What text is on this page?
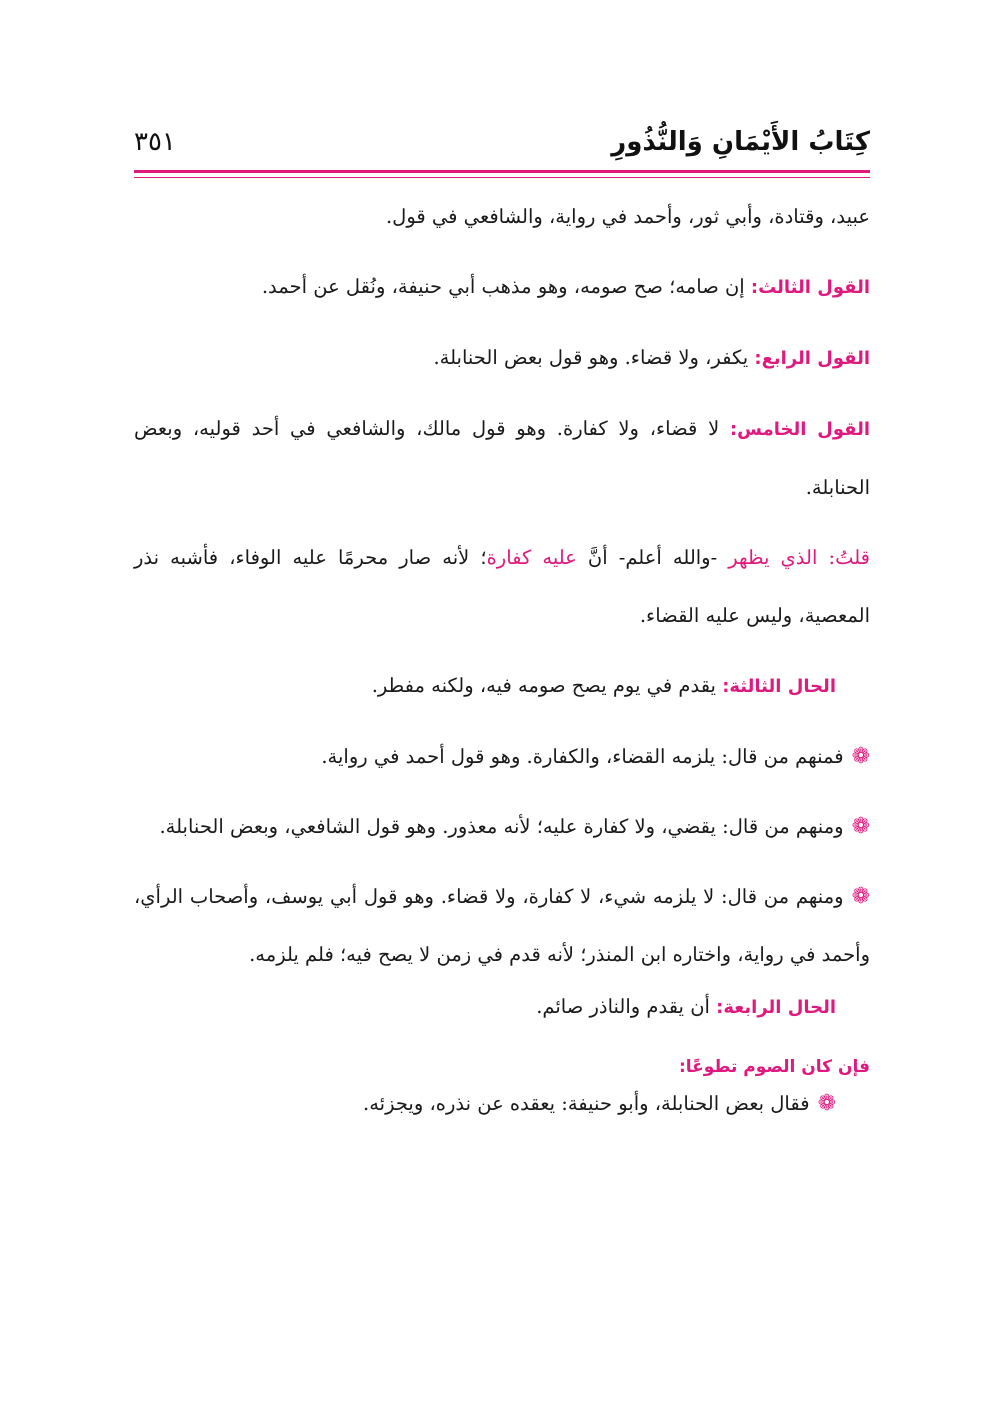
كِتَابُ الأَيْمَانِ وَالنُّذُورِ
٣٥١
عبيد، وقتادة، وأبي ثور، وأحمد في رواية، والشافعي في قول.
القول الثالث: إن صامه؛ صح صومه، وهو مذهب أبي حنيفة، ونُقل عن أحمد.
القول الرابع: يكفر، ولا قضاء. وهو قول بعض الحنابلة.
القول الخامس: لا قضاء، ولا كفارة. وهو قول مالك، والشافعي في أحد قوليه، وبعض الحنابلة.
قلتُ: الذي يظهر -والله أعلم- أنَّ عليه كفارة؛ لأنه صار محرمًا عليه الوفاء، فأشبه نذر المعصية، وليس عليه القضاء.
الحال الثالثة: يقدم في يوم يصح صومه فيه، ولكنه مفطر.
❁فمنهم من قال: يلزمه القضاء، والكفارة. وهو قول أحمد في رواية.
❁ومنهم من قال: يقضي، ولا كفارة عليه؛ لأنه معذور. وهو قول الشافعي، وبعض الحنابلة.
❁ومنهم من قال: لا يلزمه شيء، لا كفارة، ولا قضاء. وهو قول أبي يوسف، وأصحاب الرأي، وأحمد في رواية، واختاره ابن المنذر؛ لأنه قدم في زمن لا يصح فيه؛ فلم يلزمه.
الحال الرابعة: أن يقدم والناذر صائم.
فإن كان الصوم تطوعًا:
❁فقال بعض الحنابلة، وأبو حنيفة: يعقده عن نذره، ويجزئه.
